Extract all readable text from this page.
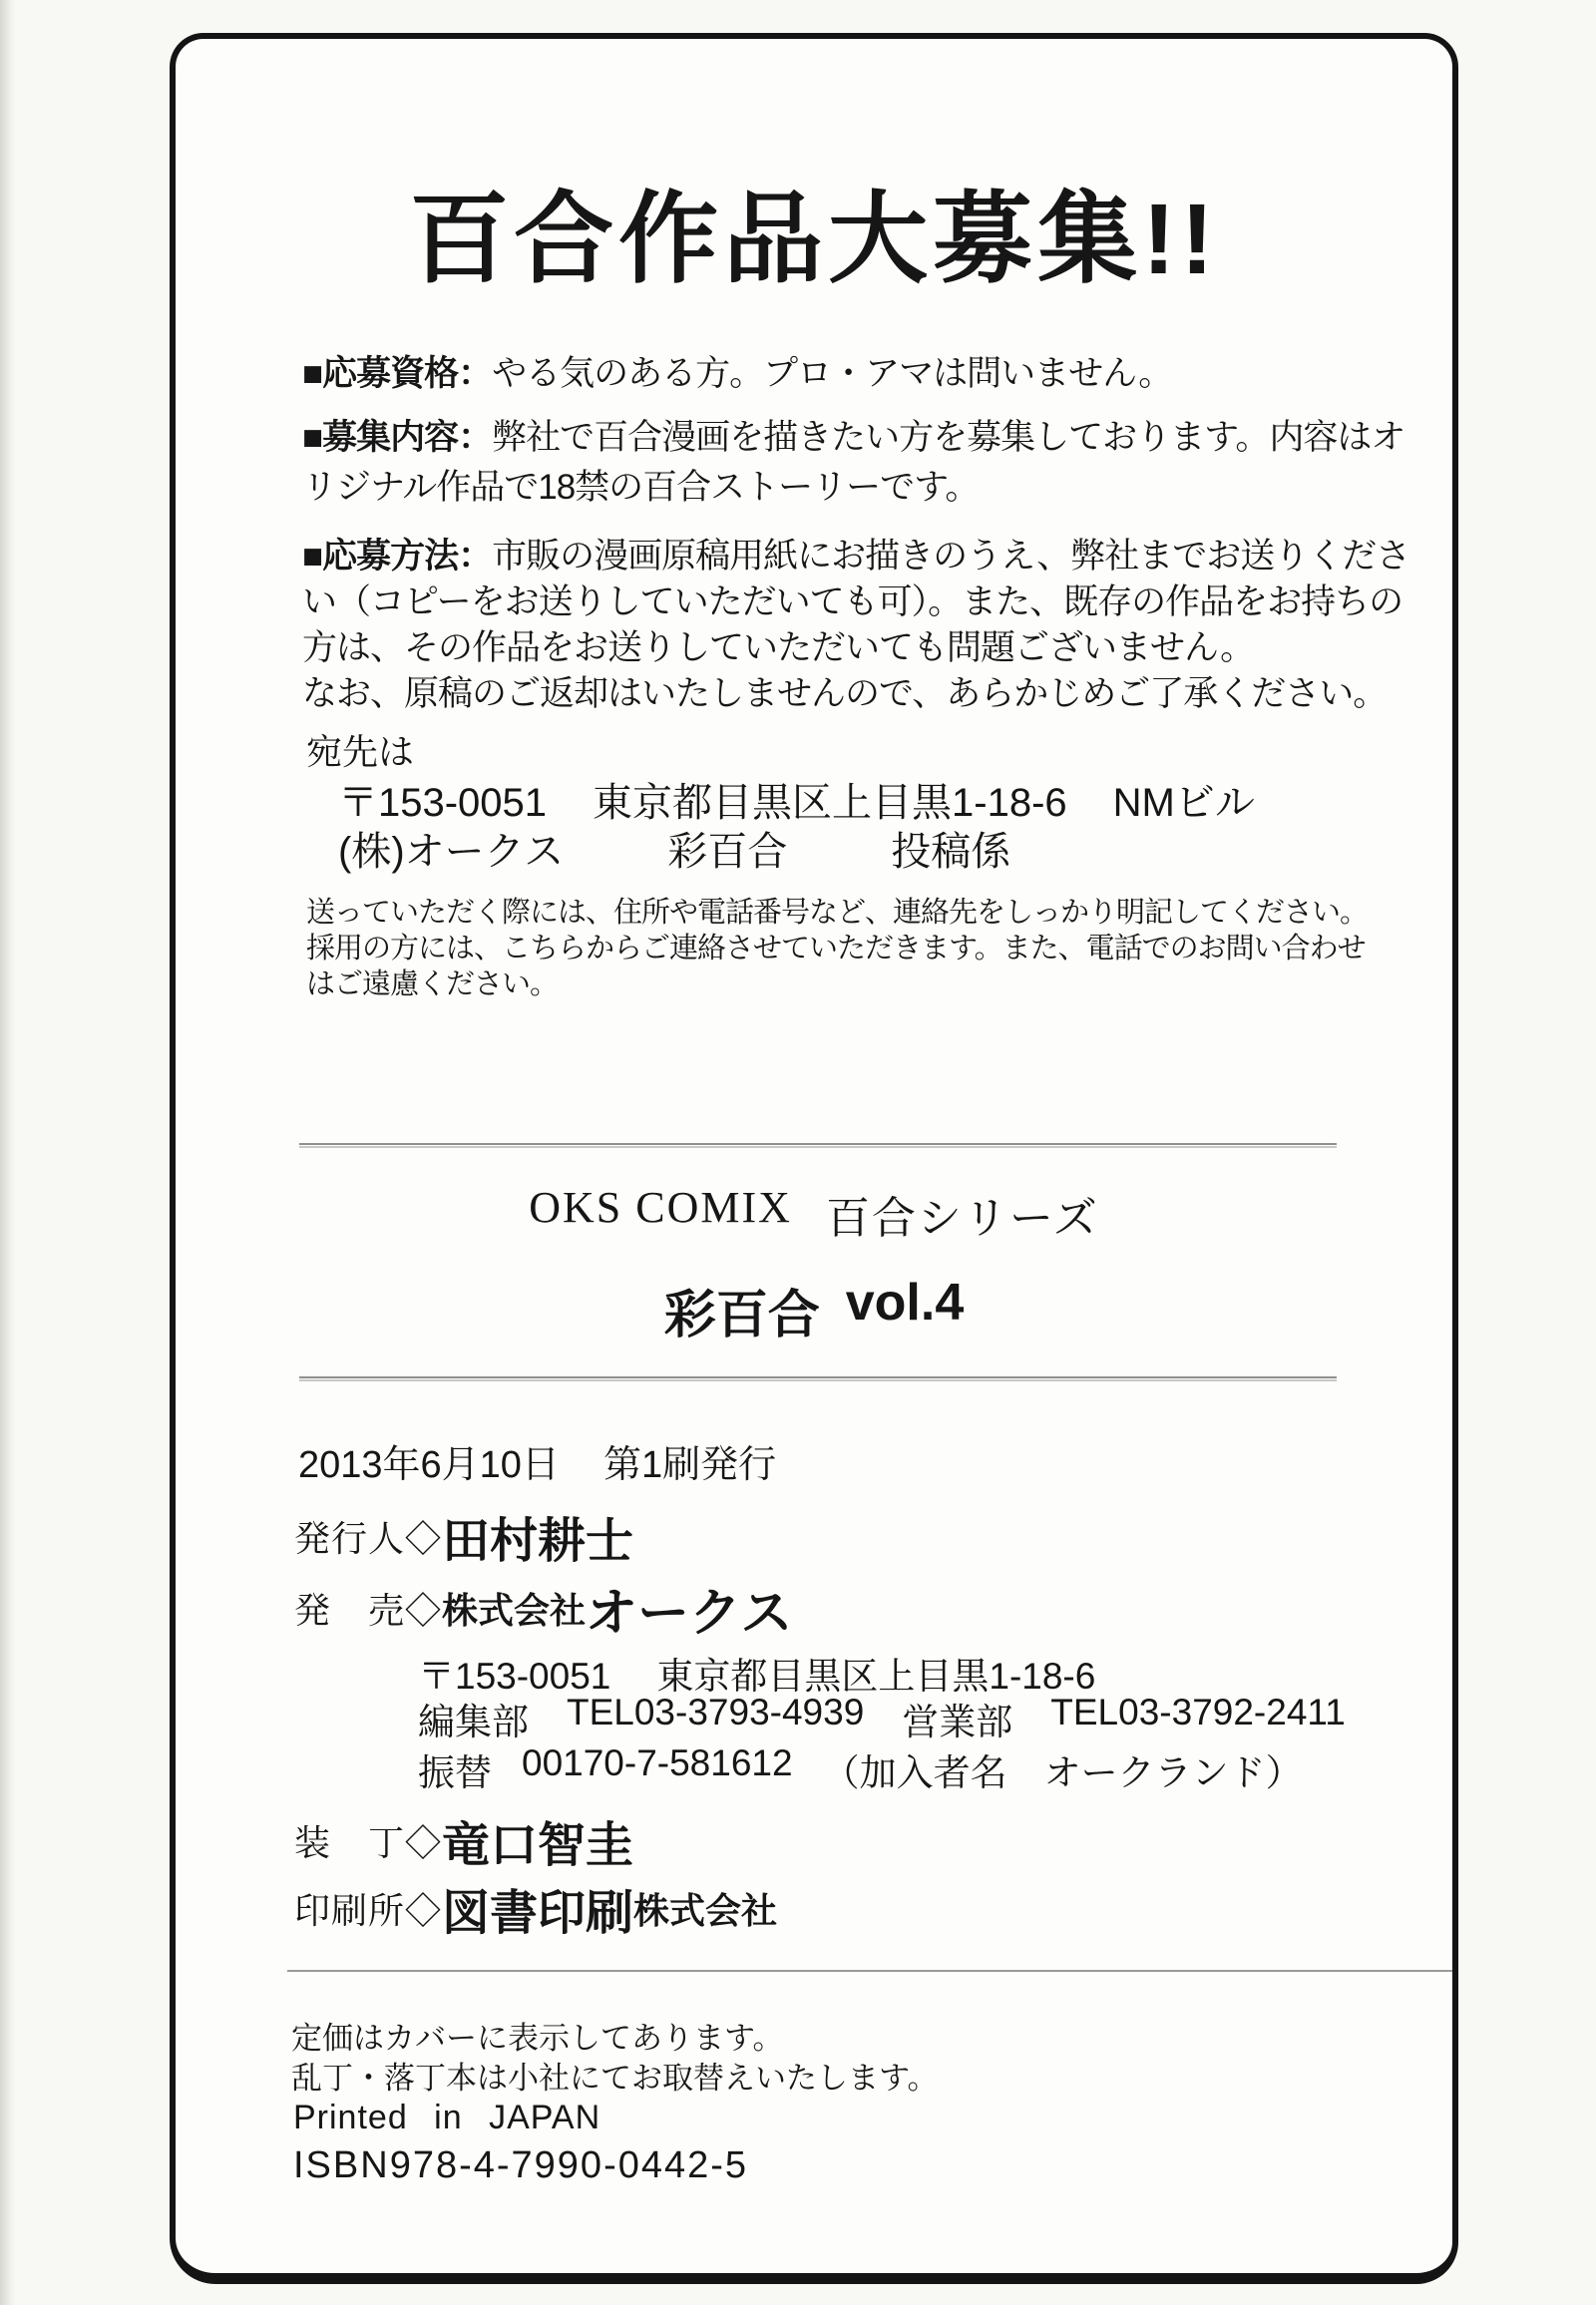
百合作品大募集!!
■応募資格：やる気のある方。プロ・アマは問いません。
■募集内容：弊社で百合漫画を描きたい方を募集しております。内容はオ
リジナル作品で18禁の百合ストーリーです。
■応募方法：市販の漫画原稿用紙にお描きのうえ、弊社までお送りくださ
い（コピーをお送りしていただいても可）。また、既存の作品をお持ちの
方は、その作品をお送りしていただいても問題ございません。
なお、原稿のご返却はいたしませんので、あらかじめご了承ください。
宛先は
〒153-0051 東京都目黒区上目黒1-18-6 NMビル
(株)オークス	彩百合	投稿係
送っていただく際には、住所や電話番号など、連絡先をしっかり明記してください。
採用の方には、こちらからご連絡させていただきます。また、電話でのお問い合わせ
はご遠慮ください。
OKS COMIX 百合シリーズ
彩百合 vol.4
2013年6月10日 第1刷発行
発行人◇ 田村耕士
発　売◇ 株式会社 オークス
〒153-0051 東京都目黒区上目黒1-18-6
編集部 TEL03-3793-4939 営業部 TEL03-3792-2411
振替 00170-7-581612 （加入者名　オークランド）
装　丁◇ 竜口智圭
印刷所◇ 図書印刷 株式会社
定価はカバーに表示してあります。
乱丁・落丁本は小社にてお取替えいたします。
Printed in JAPAN
ISBN978-4-7990-0442-5
